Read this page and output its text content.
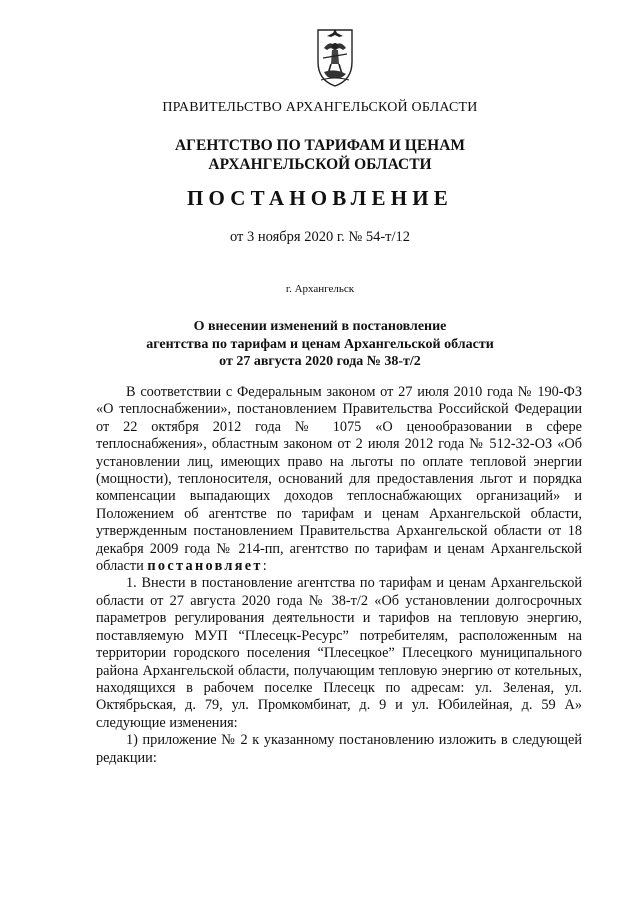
ПРАВИТЕЛЬСТВО АРХАНГЕЛЬСКОЙ ОБЛАСТИ
АГЕНТСТВО ПО ТАРИФАМ И ЦЕНАМ
АРХАНГЕЛЬСКОЙ ОБЛАСТИ
ПОСТАНОВЛЕНИЕ
от 3 ноября 2020 г. № 54-т/12
г. Архангельск
О внесении изменений в постановление
агентства по тарифам и ценам Архангельской области
от 27 августа 2020 года № 38-т/2

В соответствии с Федеральным законом от 27 июля 2010 года № 190-ФЗ «О теплоснабжении», постановлением Правительства Российской Федерации от 22 октября 2012 года № 1075 «О ценообразовании в сфере теплоснабжения», областным законом от 2 июля 2012 года № 512-32-ОЗ «Об установлении лиц, имеющих право на льготы по оплате тепловой энергии (мощности), теплоносителя, оснований для предоставления льгот и порядка компенсации выпадающих доходов теплоснабжающих организаций» и Положением об агентстве по тарифам и ценам Архангельской области, утвержденным постановлением Правительства Архангельской области от 18 декабря 2009 года № 214-пп, агентство по тарифам и ценам Архангельской области постановляет:

1. Внести в постановление агентства по тарифам и ценам Архангельской области от 27 августа 2020 года № 38-т/2 «Об установлении долгосрочных параметров регулирования деятельности и тарифов на тепловую энергию, поставляемую МУП “Плесецк-Ресурс” потребителям, расположенным на территории городского поселения “Плесецкое” Плесецкого муниципального района Архангельской области, получающим тепловую энергию от котельных, находящихся в рабочем поселке Плесецк по адресам: ул. Зеленая, ул. Октябрьская, д. 79, ул. Промкомбинат, д. 9 и ул. Юбилейная, д. 59 А» следующие изменения:

1) приложение № 2 к указанному постановлению изложить в следующей редакции:
